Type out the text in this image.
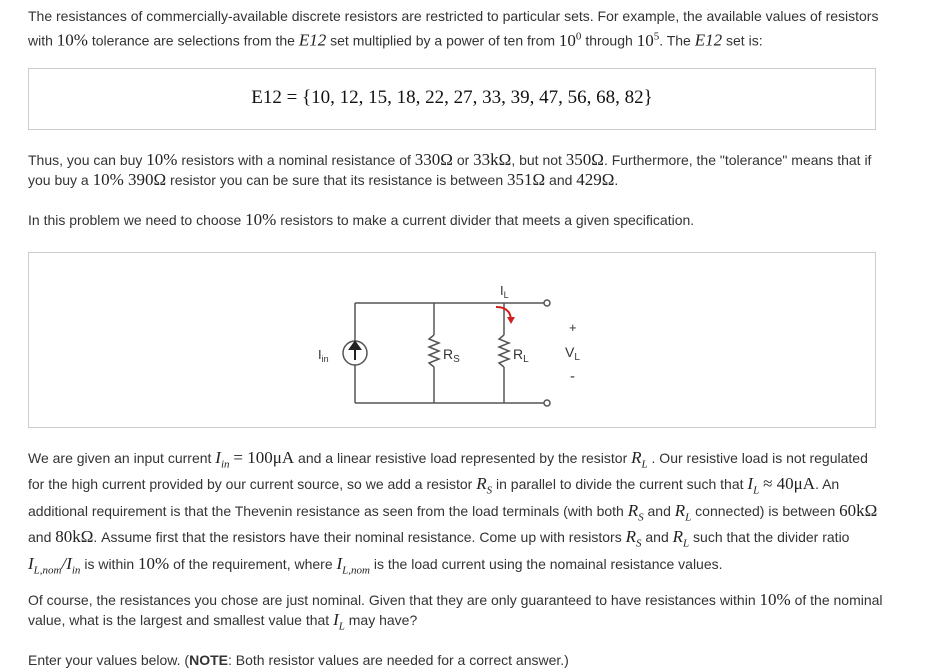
The resistances of commercially-available discrete resistors are restricted to particular sets. For example, the available values of resistors with 10% tolerance are selections from the E12 set multiplied by a power of ten from $10^0$ through $10^5$. The E12 set is:
E12 = {10, 12, 15, 18, 22, 27, 33, 39, 47, 56, 68, 82}
Thus, you can buy 10% resistors with a nominal resistance of 330Ω or 33kΩ, but not 350Ω. Furthermore, the "tolerance" means that if you buy a 10% 390Ω resistor you can be sure that its resistance is between 351Ω and 429Ω.
In this problem we need to choose 10% resistors to make a current divider that meets a given specification.
$I_{in}$	$R_S$	$R_L$
$I_L$
+
$V_L$
-
We are given an input current $I_{in} = 100\mu A$ and a linear resistive load represented by the resistor $R_L$ . Our resistive load is not regulated for the high current provided by our current source, so we add a resistor $R_S$ in parallel to divide the current such that $I_L \approx 40\mu A$. An additional requirement is that the Thevenin resistance as seen from the load terminals (with both $R_S$ and $R_L$ connected) is between 60kΩ and 80kΩ. Assume first that the resistors have their nominal resistance. Come up with resistors $R_S$ and $R_L$ such that the divider ratio $I_{L,nom}/I_{in}$ is within 10% of the requirement, where $I_{L,nom}$ is the load current using the nomainal resistance values.
Of course, the resistances you chose are just nominal. Given that they are only guaranteed to have resistances within 10% of the nominal value, what is the largest and smallest value that $I_L$ may have?
Enter your values below. (NOTE: Both resistor values are needed for a correct answer.)
